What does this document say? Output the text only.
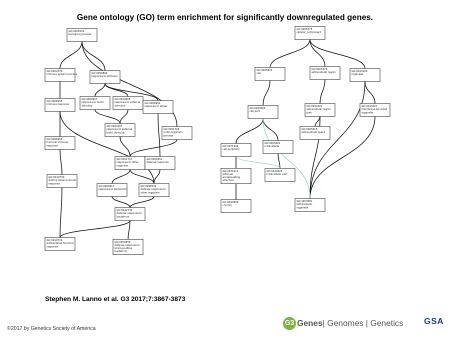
Gene ontology (GO) term enrichment for significantly downregulated genes.
GO:0008150
biological_process
GO:0002376
immune system process	GO:0050896
response to stimulus
GO:0006955
immune response
GO:0009607
response to biotic
stimulus
GO:0009605
response to external
stimulus
GO:0043207
response to external
biotic stimulus
GO:0006950
response to stress
GO:0051704
multi-organism
process
GO:0006959
humoral immune
response
GO:0051707
response to other
organism
GO:0006952
defense response
GO:0019730
antimicrobial humoral
response
GO:0009617
response to bacterium
GO:0098542
defense response to
other organism
GO:0042742
defense response to
bacterium
GO:0019731
antibacterial humoral
response
GO:0050830
defense response to
Gram-positive
bacterium
GO:0005575
cellular_component
GO:0005623
cell
GO:0005576
extracellular region	GO:0043226
organelle
GO:0044464
cell part
GO:0044421
extracellular region
part
GO:0043227
membrane-bounded
organelle
GO:0071944
cell periphery
GO:0005622
intracellular
GO:0005615
extracellular space
GO:0031012
external
encapsulating
structure
GO:0044424
intracellular part
GO:0042600
chorion
GO:1903561
extracellular
organelle
Stephen M. Lanno et al. G3 2017;7:3867-3873
G3 Genes | Genomes | Genetics GSA
©2017 by Genetics Society of America
